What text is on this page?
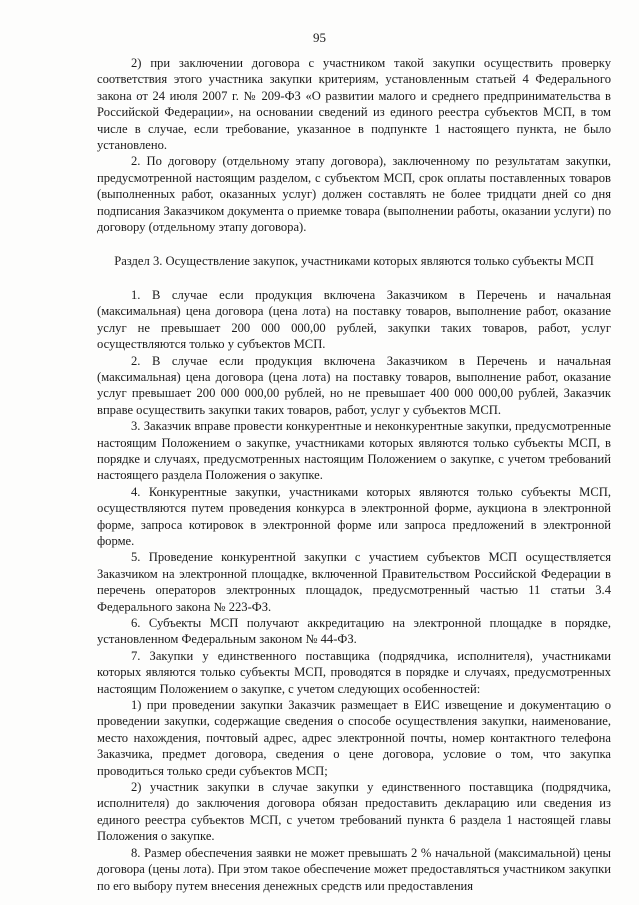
95

2) при заключении договора с участником такой закупки осуществить проверку соответствия этого участника закупки критериям, установленным статьей 4 Федерального закона от 24 июля 2007 г. № 209-ФЗ «О развитии малого и среднего предпринимательства в Российской Федерации», на основании сведений из единого реестра субъектов МСП, в том числе в случае, если требование, указанное в подпункте 1 настоящего пункта, не было установлено.

2. По договору (отдельному этапу договора), заключенному по результатам закупки, предусмотренной настоящим разделом, с субъектом МСП, срок оплаты поставленных товаров (выполненных работ, оказанных услуг) должен составлять не более тридцати дней со дня подписания Заказчиком документа о приемке товара (выполнении работы, оказании услуги) по договору (отдельному этапу договора).

Раздел 3. Осуществление закупок, участниками которых являются только субъекты МСП

1. В случае если продукция включена Заказчиком в Перечень и начальная (максимальная) цена договора (цена лота) на поставку товаров, выполнение работ, оказание услуг не превышает 200 000 000,00 рублей, закупки таких товаров, работ, услуг осуществляются только у субъектов МСП.

2. В случае если продукция включена Заказчиком в Перечень и начальная (максимальная) цена договора (цена лота) на поставку товаров, выполнение работ, оказание услуг превышает 200 000 000,00 рублей, но не превышает 400 000 000,00 рублей, Заказчик вправе осуществить закупки таких товаров, работ, услуг у субъектов МСП.

3. Заказчик вправе провести конкурентные и неконкурентные закупки, предусмотренные настоящим Положением о закупке, участниками которых являются только субъекты МСП, в порядке и случаях, предусмотренных настоящим Положением о закупке, с учетом требований настоящего раздела Положения о закупке.

4. Конкурентные закупки, участниками которых являются только субъекты МСП, осуществляются путем проведения конкурса в электронной форме, аукциона в электронной форме, запроса котировок в электронной форме или запроса предложений в электронной форме.

5. Проведение конкурентной закупки с участием субъектов МСП осуществляется Заказчиком на электронной площадке, включенной Правительством Российской Федерации в перечень операторов электронных площадок, предусмотренный частью 11 статьи 3.4 Федерального закона № 223-ФЗ.

6. Субъекты МСП получают аккредитацию на электронной площадке в порядке, установленном Федеральным законом № 44-ФЗ.

7. Закупки у единственного поставщика (подрядчика, исполнителя), участниками которых являются только субъекты МСП, проводятся в порядке и случаях, предусмотренных настоящим Положением о закупке, с учетом следующих особенностей:

1) при проведении закупки Заказчик размещает в ЕИС извещение и документацию о проведении закупки, содержащие сведения о способе осуществления закупки, наименование, место нахождения, почтовый адрес, адрес электронной почты, номер контактного телефона Заказчика, предмет договора, сведения о цене договора, условие о том, что закупка проводиться только среди субъектов МСП;

2) участник закупки в случае закупки у единственного поставщика (подрядчика, исполнителя) до заключения договора обязан предоставить декларацию или сведения из единого реестра субъектов МСП, с учетом требований пункта 6 раздела 1 настоящей главы Положения о закупке.

8. Размер обеспечения заявки не может превышать 2 % начальной (максимальной) цены договора (цены лота). При этом такое обеспечение может предоставляться участником закупки по его выбору путем внесения денежных средств или предоставления
